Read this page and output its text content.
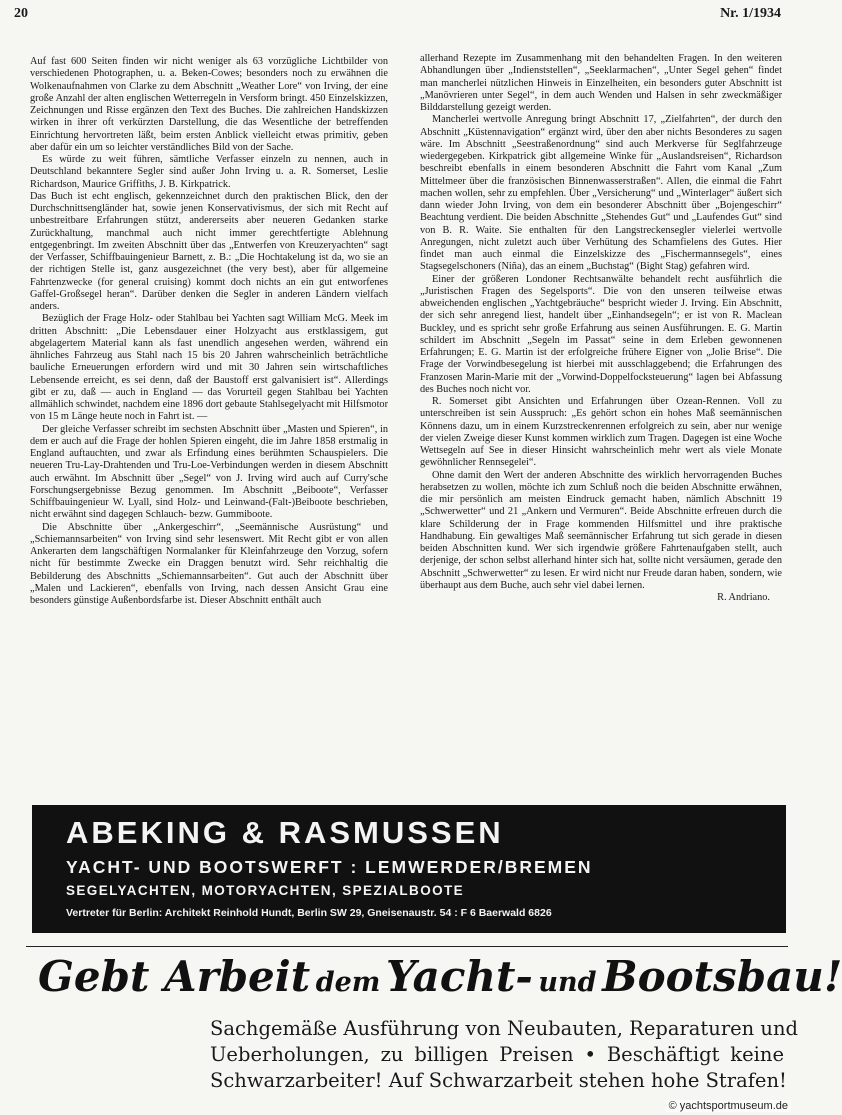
20	Nr. 1/1934

Auf fast 600 Seiten finden wir nicht weniger als 63 vorzügliche Lichtbilder von verschiedenen Photographen, u. a. Beken-Cowes; besonders noch zu erwähnen die Wolkenaufnahmen von Clarke zu dem Abschnitt „Weather Lore“ von Irving, der eine große Anzahl der alten englischen Wetterregeln in Versform bringt. 450 Einzelskizzen, Zeichnungen und Risse ergänzen den Text des Buches. Die zahlreichen Handskizzen wirken in ihrer oft verkürzten Darstellung, die das Wesentliche der betreffenden Einrichtung hervortreten läßt, beim ersten Anblick vielleicht etwas primitiv, geben aber dafür ein um so leichter verständliches Bild von der Sache.

Es würde zu weit führen, sämtliche Verfasser einzeln zu nennen, auch in Deutschland bekanntere Segler sind außer John Irving u. a. R. Somerset, Leslie Richardson, Maurice Griffiths, J. B. Kirkpatrick.

Das Buch ist echt englisch, gekennzeichnet durch den praktischen Blick, den der Durchschnittsengländer hat, sowie jenen Konservativismus, der sich mit Recht auf unbestreitbare Erfahrungen stützt, andererseits aber neueren Gedanken starke Zurückhaltung, manchmal auch nicht immer gerechtfertigte Ablehnung entgegenbringt. Im zweiten Abschnitt über das „Entwerfen von Kreuzeryachten“ sagt der Verfasser, Schiffbauingenieur Barnett, z. B.: „Die Hochtakelung ist da, wo sie an der richtigen Stelle ist, ganz ausgezeichnet (the very best), aber für allgemeine Fahrtenzwecke (for general cruising) kommt doch nichts an ein gut entworfenes Gaffel-Großsegel heran“. Darüber denken die Segler in anderen Ländern vielfach anders.

Bezüglich der Frage Holz- oder Stahlbau bei Yachten sagt William McG. Meek im dritten Abschnitt: „Die Lebensdauer einer Holzyacht aus erstklassigem, gut abgelagertem Material kann als fast unendlich angesehen werden, während ein ähnliches Fahrzeug aus Stahl nach 15 bis 20 Jahren wahrscheinlich beträchtliche bauliche Erneuerungen erfordern wird und mit 30 Jahren sein wirtschaftliches Lebensende erreicht, es sei denn, daß der Baustoff erst galvanisiert ist“. Allerdings gibt er zu, daß — auch in England — das Vorurteil gegen Stahlbau bei Yachten allmählich schwindet, nachdem eine 1896 dort gebaute Stahlsegelyacht mit Hilfsmotor von 15 m Länge heute noch in Fahrt ist. —

Der gleiche Verfasser schreibt im sechsten Abschnitt über „Masten und Spieren“, in dem er auch auf die Frage der hohlen Spieren eingeht, die im Jahre 1858 erstmalig in England auftauchten, und zwar als Erfindung eines berühmten Schauspielers. Die neueren Tru-Lay-Drahtenden und Tru-Loe-Verbindungen werden in diesem Abschnitt auch erwähnt. Im Abschnitt über „Segel“ von J. Irving wird auch auf Curry'sche Forschungsergebnisse Bezug genommen. Im Abschnitt „Beiboote“, Verfasser Schiffbauingenieur W. Lyall, sind Holz- und Leinwand-(Falt-)Beiboote beschrieben, nicht erwähnt sind dagegen Schlauch- bezw. Gummiboote.

Die Abschnitte über „Ankergeschirr“, „Seemännische Ausrüstung“ und „Schiemannsarbeiten“ von Irving sind sehr lesenswert. Mit Recht gibt er von allen Ankerarten dem langschäftigen Normalanker für Kleinfahrzeuge den Vorzug, sofern nicht für bestimmte Zwecke ein Draggen benutzt wird. Sehr reichhaltig die Bebilderung des Abschnitts „Schiemannsarbeiten“. Gut auch der Abschnitt über „Malen und Lackieren“, ebenfalls von Irving, nach dessen Ansicht Grau eine besonders günstige Außenbordsfarbe ist. Dieser Abschnitt enthält auch

allerhand Rezepte im Zusammenhang mit den behandelten Fragen. In den weiteren Abhandlungen über „Indienststellen“, „Seeklarmachen“, „Unter Segel gehen“ findet man mancherlei nützlichen Hinweis in Einzelheiten, ein besonders guter Abschnitt ist „Manövrieren unter Segel“, in dem auch Wenden und Halsen in sehr zweckmäßiger Bilddarstellung gezeigt werden.

Mancherlei wertvolle Anregung bringt Abschnitt 17, „Zielfahrten“, der durch den Abschnitt „Küstennavigation“ ergänzt wird, über den aber nichts Besonderes zu sagen wäre. Im Abschnitt „Seestraßenordnung“ sind auch Merkverse für Seglfahrzeuge wiedergegeben. Kirkpatrick gibt allgemeine Winke für „Auslandsreisen“, Richardson beschreibt ebenfalls in einem besonderen Abschnitt die Fahrt vom Kanal „Zum Mittelmeer über die französischen Binnenwasserstraßen“. Allen, die einmal die Fahrt machen wollen, sehr zu empfehlen. Über „Versicherung“ und „Winterlager“ äußert sich dann wieder John Irving, von dem ein besonderer Abschnitt über „Bojengeschirr“ Beachtung verdient. Die beiden Abschnitte „Stehendes Gut“ und „Laufendes Gut“ sind von B. R. Waite. Sie enthalten für den Langstreckensegler vielerlei wertvolle Anregungen, nicht zuletzt auch über Verhütung des Schamfielens des Gutes. Hier findet man auch einmal die Einzelskizze des „Fischermannsegels“, eines Stagsegelschoners (Niña), das an einem „Buchstag“ (Bight Stag) gefahren wird.

Einer der größeren Londoner Rechtsanwälte behandelt recht ausführlich die „Juristischen Fragen des Segelsports“. Die von den unseren teilweise etwas abweichenden englischen „Yachtgebräuche“ bespricht wieder J. Irving. Ein Abschnitt, der sich sehr anregend liest, handelt über „Einhandsegeln“; er ist von R. Maclean Buckley, und es spricht sehr große Erfahrung aus seinen Ausführungen. E. G. Martin schildert im Abschnitt „Segeln im Passat“ seine in dem Erleben gewonnenen Erfahrungen; E. G. Martin ist der erfolgreiche frühere Eigner von „Jolie Brise“. Die Frage der Vorwindbesegelung ist hierbei mit ausschlaggebend; die Erfahrungen des Franzosen Marin-Marie mit der „Vorwind-Doppelfocksteuerung“ lagen bei Abfassung des Buches noch nicht vor.

R. Somerset gibt Ansichten und Erfahrungen über Ozean-Rennen. Voll zu unterschreiben ist sein Ausspruch: „Es gehört schon ein hohes Maß seemännischen Könnens dazu, um in einem Kurzstreckenrennen erfolgreich zu sein, aber nur wenige der vielen Zweige dieser Kunst kommen wirklich zum Tragen. Dagegen ist eine Woche Wettsegeln auf See in dieser Hinsicht wahrscheinlich mehr wert als viele Monate gewöhnlicher Rennsegelei“.

Ohne damit den Wert der anderen Abschnitte des wirklich hervorragenden Buches herabsetzen zu wollen, möchte ich zum Schluß noch die beiden Abschnitte erwähnen, die mir persönlich am meisten Eindruck gemacht haben, nämlich Abschnitt 19 „Schwerwetter“ und 21 „Ankern und Vermuren“. Beide Abschnitte erfreuen durch die klare Schilderung der in Frage kommenden Hilfsmittel und ihre praktische Handhabung. Ein gewaltiges Maß seemännischer Erfahrung tut sich gerade in diesen beiden Abschnitten kund. Wer sich irgendwie größere Fahrtenaufgaben stellt, auch derjenige, der schon selbst allerhand hinter sich hat, sollte nicht versäumen, gerade den Abschnitt „Schwerwetter“ zu lesen. Er wird nicht nur Freude daran haben, sondern, wie überhaupt aus dem Buche, auch sehr viel dabei lernen.

R. Andriano.
ABEKING & RASMUSSEN
YACHT- UND BOOTSWERFT : LEMWERDER/BREMEN
SEGELYACHTEN, MOTORYACHTEN, SPEZIALBOOTE
Vertreter für Berlin: Architekt Reinhold Hundt, Berlin SW 29, Gneisenaustr. 54 : F 6 Baerwald 6826
Gebt Arbeit dem Yacht- und Bootsbau!
Sachgemäße Ausführung von Neubauten, Reparaturen und
Ueberholungen, zu billigen Preisen • Beschäftigt keine
Schwarzarbeiter! Auf Schwarzarbeit stehen hohe Strafen!
© yachtsportmuseum.de
